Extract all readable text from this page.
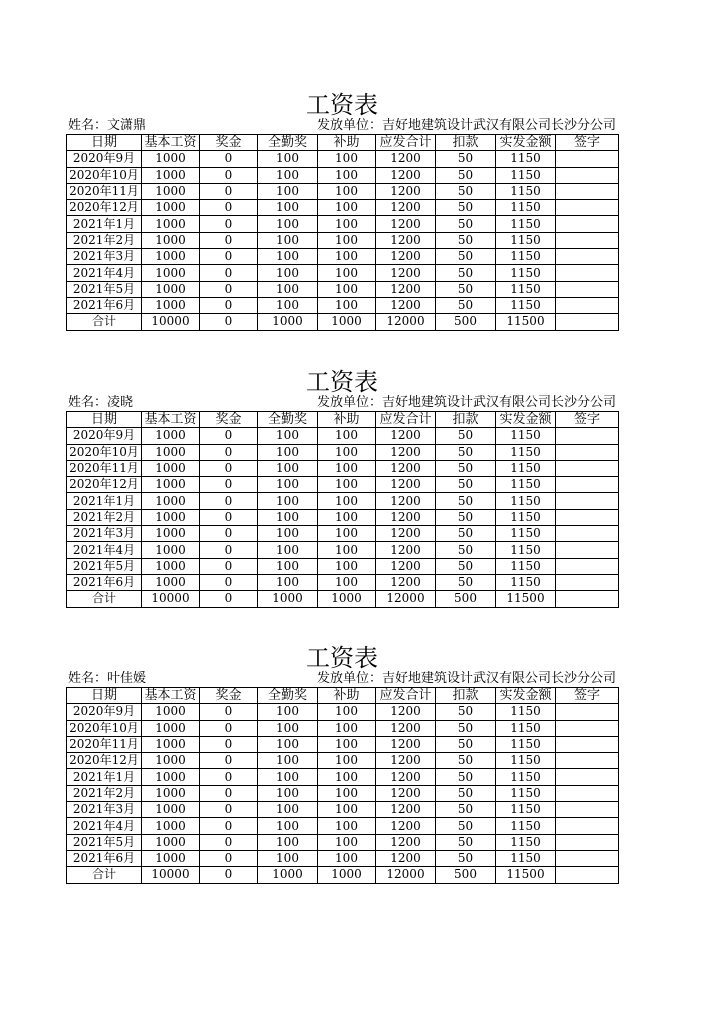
工资表
姓名：文潇鼎	发放单位：吉好地建筑设计武汉有限公司长沙分公司
日期	基本工资	奖金	全勤奖	补助	应发合计	扣款	实发金额	签字
2020年9月	1000	0	100	100	1200	50	1150	
2020年10月	1000	0	100	100	1200	50	1150	
2020年11月	1000	0	100	100	1200	50	1150	
2020年12月	1000	0	100	100	1200	50	1150	
2021年1月	1000	0	100	100	1200	50	1150	
2021年2月	1000	0	100	100	1200	50	1150	
2021年3月	1000	0	100	100	1200	50	1150	
2021年4月	1000	0	100	100	1200	50	1150	
2021年5月	1000	0	100	100	1200	50	1150	
2021年6月	1000	0	100	100	1200	50	1150	
合计	10000	0	1000	1000	12000	500	11500	
工资表
姓名：凌晓	发放单位：吉好地建筑设计武汉有限公司长沙分公司
日期	基本工资	奖金	全勤奖	补助	应发合计	扣款	实发金额	签字
2020年9月	1000	0	100	100	1200	50	1150	
2020年10月	1000	0	100	100	1200	50	1150	
2020年11月	1000	0	100	100	1200	50	1150	
2020年12月	1000	0	100	100	1200	50	1150	
2021年1月	1000	0	100	100	1200	50	1150	
2021年2月	1000	0	100	100	1200	50	1150	
2021年3月	1000	0	100	100	1200	50	1150	
2021年4月	1000	0	100	100	1200	50	1150	
2021年5月	1000	0	100	100	1200	50	1150	
2021年6月	1000	0	100	100	1200	50	1150	
合计	10000	0	1000	1000	12000	500	11500	
工资表
姓名：叶佳媛	发放单位：吉好地建筑设计武汉有限公司长沙分公司
日期	基本工资	奖金	全勤奖	补助	应发合计	扣款	实发金额	签字
2020年9月	1000	0	100	100	1200	50	1150	
2020年10月	1000	0	100	100	1200	50	1150	
2020年11月	1000	0	100	100	1200	50	1150	
2020年12月	1000	0	100	100	1200	50	1150	
2021年1月	1000	0	100	100	1200	50	1150	
2021年2月	1000	0	100	100	1200	50	1150	
2021年3月	1000	0	100	100	1200	50	1150	
2021年4月	1000	0	100	100	1200	50	1150	
2021年5月	1000	0	100	100	1200	50	1150	
2021年6月	1000	0	100	100	1200	50	1150	
合计	10000	0	1000	1000	12000	500	11500	
